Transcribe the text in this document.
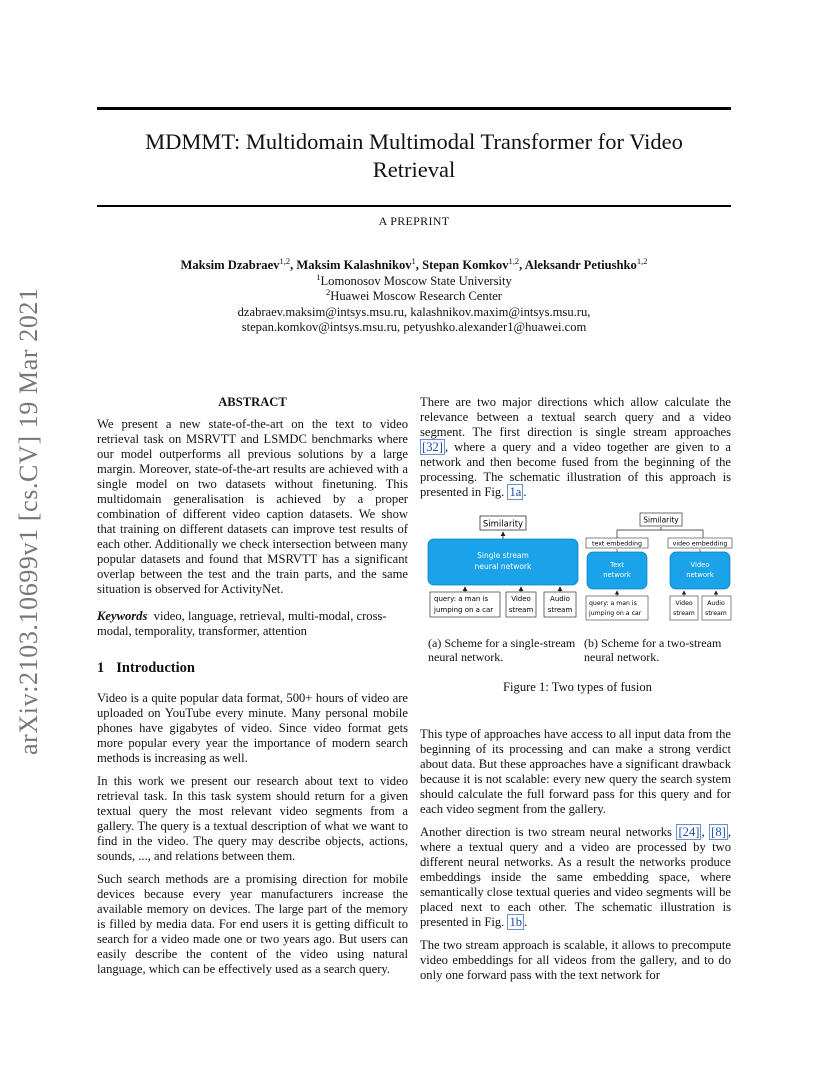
MDMMT: Multidomain Multimodal Transformer for Video
Retrieval
A PREPRINT
Maksim Dzabraev$^{1,2}$, Maksim Kalashnikov$^1$, Stepan Komkov$^{1,2}$, Aleksandr Petiushko$^{1,2}$
$^1$Lomonosov Moscow State University
$^2$Huawei Moscow Research Center
dzabraev.maksim@intsys.msu.ru, kalashnikov.maxim@intsys.msu.ru,
stepan.komkov@intsys.msu.ru, petyushko.alexander1@huawei.com
arXiv:2103.10699v1 [cs.CV] 19 Mar 2021	ABSTRACT

We present a new state-of-the-art on the text to video retrieval task on MSRVTT and LSMDC benchmarks where our model outperforms all previous solutions by a large margin. Moreover, state-of-the-art results are achieved with a single model on two datasets without finetuning. This multidomain generalisation is achieved by a proper combination of different video caption datasets. We show that training on different datasets can improve test results of each other. Additionally we check intersection between many popular datasets and found that MSRVTT has a significant overlap between the test and the train parts, and the same situation is observed for ActivityNet.

Keywords video, language, retrieval, multi-modal, cross-modal, temporality, transformer, attention
1 Introduction

Video is a quite popular data format, 500+ hours of video are uploaded on YouTube every minute. Many personal mobile phones have gigabytes of video. Since video format gets more popular every year the importance of modern search methods is increasing as well.

In this work we present our research about text to video retrieval task. In this task system should return for a given textual query the most relevant video segments from a gallery. The query is a textual description of what we want to find in the video. The query may describe objects, actions, sounds, ..., and relations between them.

Such search methods are a promising direction for mobile devices because every year manufacturers increase the available memory on devices. The large part of the memory is filled by media data. For end users it is getting difficult to search for a video made one or two years ago. But users can easily describe the content of the video using natural language, which can be effectively used as a search query.

There are two major directions which allow calculate the relevance between a textual search query and a video segment. The first direction is single stream approaches [32] , where a query and a video together are given to a network and then become fused from the beginning of the processing. The schematic illustration of this approach is presented in Fig. 1a .

Similarity
Single stream
neural network
query: a man is
jumping on a car
Video
stream
Audio
stream
Similarity
text embedding	video embedding
Text
network
Video
network
query: a man is
jumping on a car
Video
stream
Audio
stream
(a) Scheme for a single-stream
neural network.
(b) Scheme for a two-stream
neural network.
Figure 1: Two types of fusion

This type of approaches have access to all input data from the beginning of its processing and can make a strong verdict about data. But these approaches have a significant drawback because it is not scalable: every new query the search system should calculate the full forward pass for this query and for each video segment from the gallery.

Another direction is two stream neural networks [24] , [8] , where a textual query and a video are processed by two different neural networks. As a result the networks produce embeddings inside the same embedding space, where semantically close textual queries and video segments will be placed next to each other. The schematic illustration is presented in Fig. 1b .

The two stream approach is scalable, it allows to precompute video embeddings for all videos from the gallery, and to do only one forward pass with the text network for
